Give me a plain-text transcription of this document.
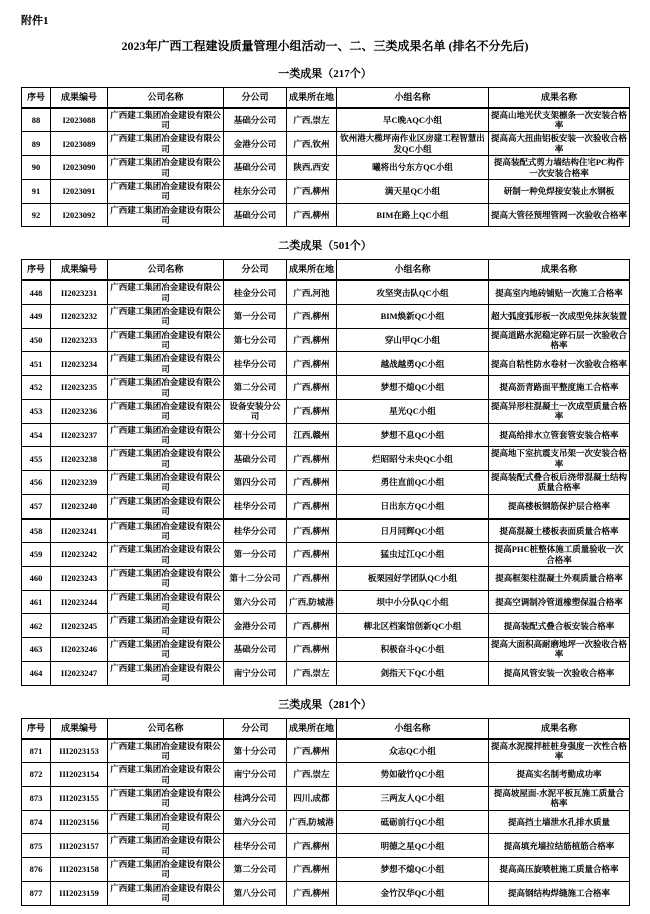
附件1
2023年广西工程建设质量管理小组活动一、二、三类成果名单 (排名不分先后)
一类成果（217个）
序号	成果编号	公司名称	分公司	成果所在地	小组名称	成果名称
88	I2023088	广西建工集团冶金建设有限公司	基础分公司	广西,崇左	早C晚AQC小组	提高山地光伏支架檩条一次安装合格率
89	I2023089	广西建工集团冶金建设有限公司	金港分公司	广西,钦州	钦州港大榄坪南作业区房建工程智慧出发QC小组	提高高大扭曲铝板安装一次验收合格率
90	I2023090	广西建工集团冶金建设有限公司	基础分公司	陕西,西安	曦将出兮东方QC小组	提高装配式剪力墙结构住宅PC构件一次安装合格率
91	I2023091	广西建工集团冶金建设有限公司	桂东分公司	广西,柳州	满天星QC小组	研制一种免焊接安装止水钢板
92	I2023092	广西建工集团冶金建设有限公司	基础分公司	广西,柳州	BIM在路上QC小组	提高大管径预埋管网一次验收合格率
二类成果（501个）
序号	成果编号	公司名称	分公司	成果所在地	小组名称	成果名称
448	II2023231	广西建工集团冶金建设有限公司	桂金分公司	广西,河池	攻坚突击队QC小组	提高室内地砖铺贴一次施工合格率
449	II2023232	广西建工集团冶金建设有限公司	第一分公司	广西,柳州	BIM焕新QC小组	超大弧度弧形板一次成型免抹灰装置
450	II2023233	广西建工集团冶金建设有限公司	第七分公司	广西,柳州	穿山甲QC小组	提高道路水泥稳定碎石层一次验收合格率
451	II2023234	广西建工集团冶金建设有限公司	桂华分公司	广西,柳州	越战越勇QC小组	提高自粘性防水卷材一次验收合格率
452	II2023235	广西建工集团冶金建设有限公司	第二分公司	广西,柳州	梦想不熄QC小组	提高沥青路面平整度施工合格率
453	II2023236	广西建工集团冶金建设有限公司	设备安装分公司	广西,柳州	星光QC小组	提高异形柱混凝土一次成型质量合格率
454	II2023237	广西建工集团冶金建设有限公司	第十分公司	江西,赣州	梦想不息QC小组	提高给排水立管套管安装合格率
455	II2023238	广西建工集团冶金建设有限公司	基础分公司	广西,柳州	烂昭昭兮未央QC小组	提高地下室抗震支吊架一次安装合格率
456	II2023239	广西建工集团冶金建设有限公司	第四分公司	广西,柳州	勇往直前QC小组	提高装配式叠合板后浇带混凝土结构质量合格率
457	II2023240	广西建工集团冶金建设有限公司	桂华分公司	广西,柳州	日出东方QC小组	提高楼板钢筋保护层合格率
458	II2023241	广西建工集团冶金建设有限公司	桂华分公司	广西,柳州	日月同辉QC小组	提高混凝土楼板表面质量合格率
459	II2023242	广西建工集团冶金建设有限公司	第一分公司	广西,柳州	猛虫过江QC小组	提高PHC桩整体施工质量验收一次合格率
460	II2023243	广西建工集团冶金建设有限公司	第十二分公司	广西,柳州	板栗园好学团队QC小组	提高框架柱混凝土外观质量合格率
461	II2023244	广西建工集团冶金建设有限公司	第六分公司	广西,防城港	坝中小分队QC小组	提高空调制冷管道橡塑保温合格率
462	II2023245	广西建工集团冶金建设有限公司	金港分公司	广西,柳州	柳北区档案馆创新QC小组	提高装配式叠合板安装合格率
463	II2023246	广西建工集团冶金建设有限公司	基础分公司	广西,柳州	积极奋斗QC小组	提高大面积高耐磨地坪一次验收合格率
464	II2023247	广西建工集团冶金建设有限公司	南宁分公司	广西,崇左	剑指天下QC小组	提高风管安装一次验收合格率
三类成果（281个）
序号	成果编号	公司名称	分公司	成果所在地	小组名称	成果名称
871	III2023153	广西建工集团冶金建设有限公司	第十分公司	广西,柳州	众志QC小组	提高水泥搅拌桩桩身强度一次性合格率
872	III2023154	广西建工集团冶金建设有限公司	南宁分公司	广西,崇左	势如破竹QC小组	提高实名制考勤成功率
873	III2023155	广西建工集团冶金建设有限公司	桂鸿分公司	四川,成都	三两友人QC小组	提高坡屋面-水泥平板瓦施工质量合格率
874	III2023156	广西建工集团冶金建设有限公司	第六分公司	广西,防城港	砥砺前行QC小组	提高挡土墙泄水孔排水质量
875	III2023157	广西建工集团冶金建设有限公司	桂华分公司	广西,柳州	明德之星QC小组	提高填充墙拉结筋植筋合格率
876	III2023158	广西建工集团冶金建设有限公司	第二分公司	广西,柳州	梦想不熄QC小组	提高高压旋喷桩施工质量合格率
877	III2023159	广西建工集团冶金建设有限公司	第八分公司	广西,柳州	金竹汉华QC小组	提高钢结构焊缝施工合格率
